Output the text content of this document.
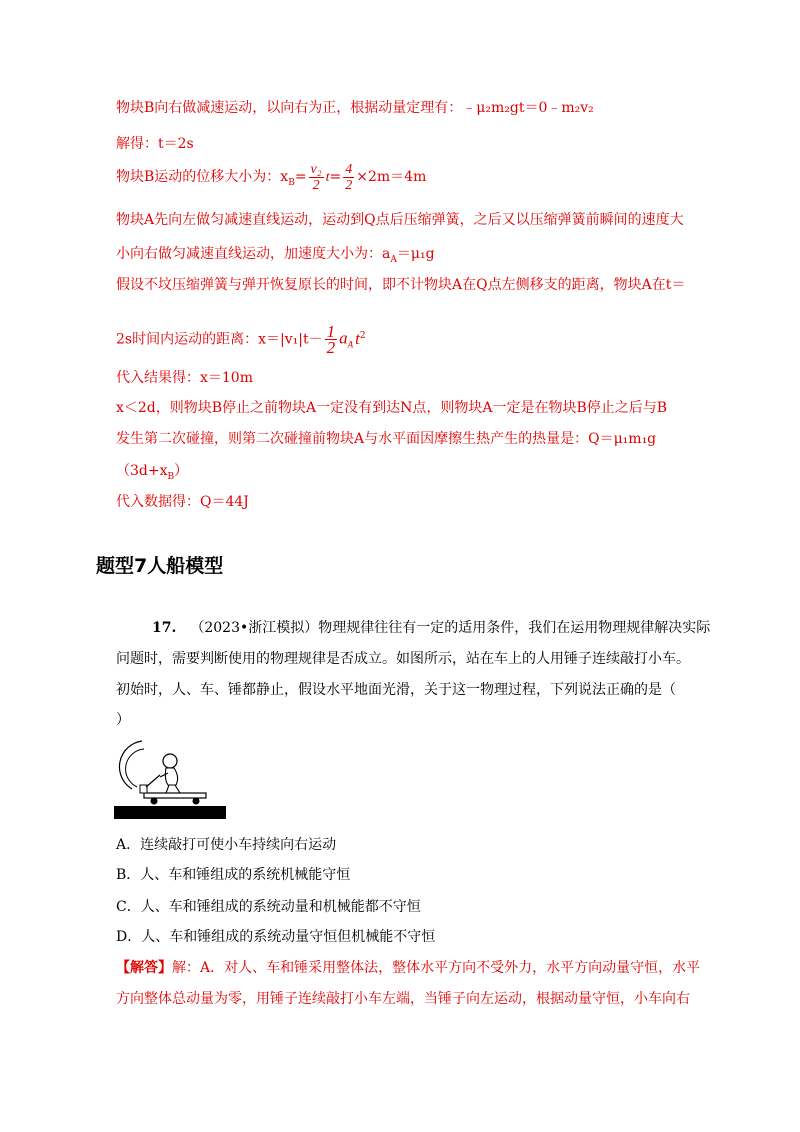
物块B向右做减速运动，以向右为正，根据动量定理有：﹣μ₂m₂gt＝0﹣m₂v₂
解得：t＝2s
物块B运动的位移大小为：$x_B= \frac{\text{v₂}}{2} t= \frac{4}{2} \times 2m=4m$
物块A先向左做匀减速直线运动，运动到Q点后压缩弹簧，之后又以压缩弹簧前瞬间的速度大
小向右做匀减速直线运动，加速度大小为：$a_A=\mu_1g$
假设不坟压缩弹簧与弹开恢复原长的时间，即不计物块A在Q点左侧移支的距离，物块A在t＝
2s时间内运动的距离：$x=|v_1|t- \frac{1}{2} a_A$ $t^2$
代入结果得：x＝10m
x＜2d，则物块B停止之前物块A一定没有到达N点，则物块A一定是在物块B停止之后与B
发生第二次碰撞，则第二次碰撞前物块A与水平面因摩擦生热产生的热量是：Q＝μ₁m₁g
$(3d+x_B)$
代入数据得：Q＝44J
题型7人船模型
17. （2023•浙江模拟）物理规律往往有一定的适用条件，我们在运用物理规律解决实际
问题时，需要判断使用的物理规律是否成立。如图所示，站在车上的人用锤子连续敲打小车。
初始时，人、车、锤都静止，假设水平地面光滑，关于这一物理过程，下列说法正确的是（
）
A．连续敲打可使小车持续向右运动
B．人、车和锤组成的系统机械能守恒
C．人、车和锤组成的系统动量和机械能都不守恒
D．人、车和锤组成的系统动量守恒但机械能不守恒
【解答】解：A．对人、车和锤采用整体法，整体水平方向不受外力，水平方向动量守恒，水平
方向整体总动量为零，用锤子连续敲打小车左端，当锤子向左运动，根据动量守恒，小车向右
